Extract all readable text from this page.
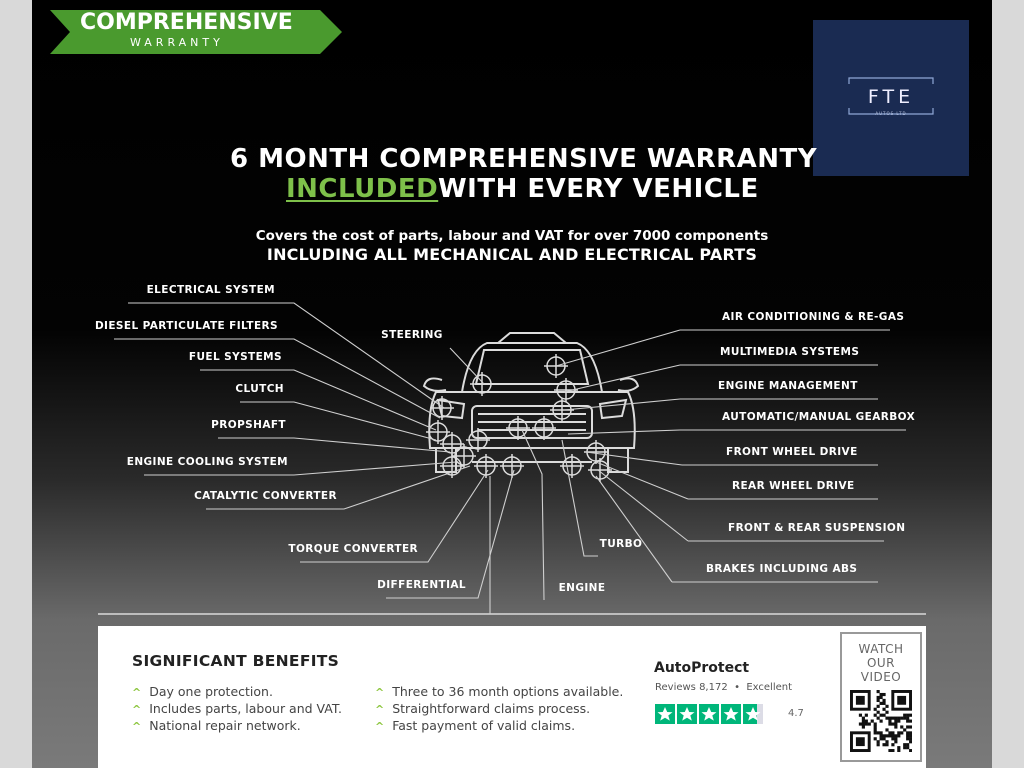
COMPREHENSIVE
WARRANTY
FTE
AUTOS LTD
6 MONTH COMPREHENSIVE WARRANTY
INCLUDED WITH EVERY VEHICLE
Covers the cost of parts, labour and VAT for over 7000 components
INCLUDING ALL MECHANICAL AND ELECTRICAL PARTS
ELECTRICAL SYSTEM
DIESEL PARTICULATE FILTERS
FUEL SYSTEMS
CLUTCH
PROPSHAFT
ENGINE COOLING SYSTEM
CATALYTIC CONVERTER
TORQUE CONVERTER
DIFFERENTIAL
AIR CONDITIONING & RE-GAS
MULTIMEDIA SYSTEMS
ENGINE MANAGEMENT
AUTOMATIC/MANUAL GEARBOX
FRONT WHEEL DRIVE
REAR WHEEL DRIVE
FRONT & REAR SUSPENSION
BRAKES INCLUDING ABS
STEERING
ENGINE
TURBO
SIGNIFICANT BENEFITS
^ Day one protection.
^ Includes parts, labour and VAT.
^ National repair network.
^ Three to 36 month options available.
^ Straightforward claims process.
^ Fast payment of valid claims.
AutoProtect
Reviews 8,172 • Excellent
4.7
WATCH
OUR
VIDEO
